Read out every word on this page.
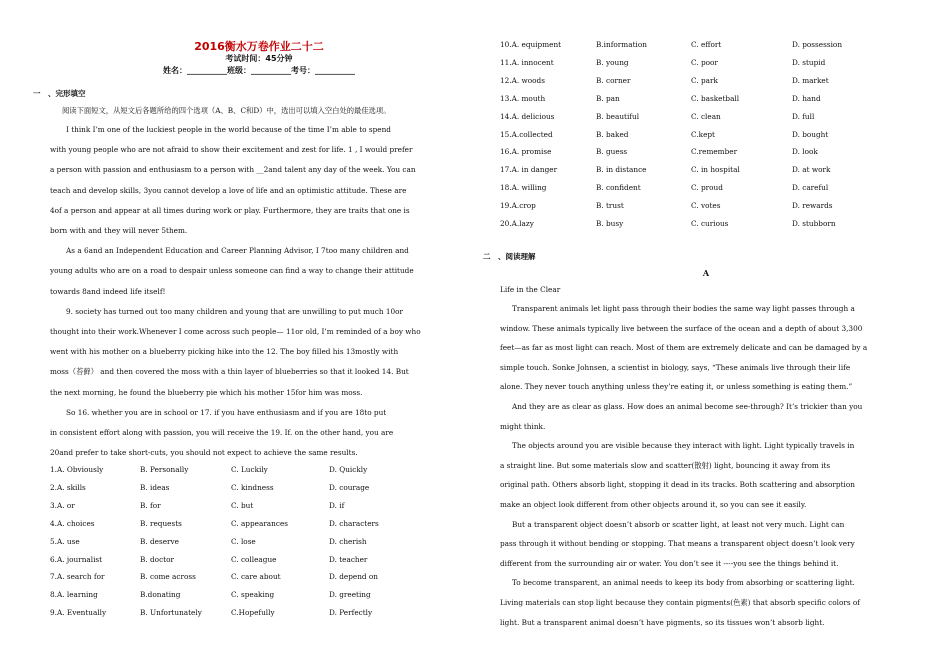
2016衡水万卷作业二十二
考试时间：45分钟
姓名：__________班级：__________考号：__________
一　、完形填空
阅读下面短文，从短文后各题所给的四个选项（A、B、C和D）中，选出可以填入空白处的最佳选项。
I think I’m one of the luckiest people in the world because of the time I’m able to spend
with young people who are not afraid to show their excitement and zest for life. 1 , I would prefer
a person with passion and enthusiasm to a person with __2and talent any day of the week. You can
teach and develop skills, 3you cannot develop a love of life and an optimistic attitude. These are
4of a person and appear at all times during work or play. Furthermore, they are traits that one is
born with and they will never 5them.
As a 6and an Independent Education and Career Planning Advisor, I 7too many children and
young adults who are on a road to despair unless someone can find a way to change their attitude
towards 8and indeed life itself!
9. society has turned out too many children and young that are unwilling to put much 10or
thought into their work.Whenever I come across such people— 11or old, I’m reminded of a boy who
went with his mother on a blueberry picking hike into the 12. The boy filled his 13mostly with
moss（苔藓） and then covered the moss with a thin layer of blueberries so that it looked 14. But
the next morning, he found the blueberry pie which his mother 15for him was moss.
So 16. whether you are in school or 17. if you have enthusiasm and if you are 18to put
in consistent effort along with passion, you will receive the 19. If. on the other hand, you are
20and prefer to take short-cuts, you should not expect to achieve the same results.
1.A. Obviously	B. Personally	C. Luckily	D. Quickly
2.A. skills	B. ideas	C. kindness	D. courage
3.A. or	B. for	C. but	D. if
4.A. choices	B. requests	C. appearances	D. characters
5.A. use	B. deserve	C. lose	D. cherish
6.A. journalist	B. doctor	C. colleague	D. teacher
7.A. search for	B. come across	C. care about	D. depend on
8.A. learning	B.donating	C. speaking	D. greeting
9.A. Eventually	B. Unfortunately	C.Hopefully	D. Perfectly
10.A. equipment	B.information	C. effort	D. possession
11.A. innocent	B. young	C. poor	D. stupid
12.A. woods	B. corner	C. park	D. market
13.A. mouth	B. pan	C. basketball	D. hand
14.A. delicious	B. beautiful	C. clean	D. full
15.A.collected	B. baked	C.kept	D. bought
16.A. promise	B. guess	C.remember	D. look
17.A. in danger	B. in distance	C. in hospital	D. at work
18.A. willing	B. confident	C. proud	D. careful
19.A.crop	B. trust	C. votes	D. rewards
20.A.lazy	B. busy	C. curious	D. stubborn
二　、阅读理解
A
Life in the Clear
Transparent animals let light pass through their bodies the same way light passes through a
window. These animals typically live between the surface of the ocean and a depth of about 3,300
feet—as far as most light can reach. Most of them are extremely delicate and can be damaged by a
simple touch. Sonke Johnsen, a scientist in biology, says, “These animals live through their life
alone. They never touch anything unless they’re eating it, or unless something is eating them.”
And they are as clear as glass. How does an animal become see-through? It’s trickier than you
might think.
The objects around you are visible because they interact with light. Light typically travels in
a straight line. But some materials slow and scatter(散射) light, bouncing it away from its
original path. Others absorb light, stopping it dead in its tracks. Both scattering and absorption
make an object look different from other objects around it, so you can see it easily.
But a transparent object doesn’t absorb or scatter light, at least not very much. Light can
pass through it without bending or stopping. That means a transparent object doesn’t look very
different from the surrounding air or water. You don’t see it ----you see the things behind it.
To become transparent, an animal needs to keep its body from absorbing or scattering light.
Living materials can stop light because they contain pigments(色素) that absorb specific colors of
light. But a transparent animal doesn’t have pigments, so its tissues won’t absorb light.
